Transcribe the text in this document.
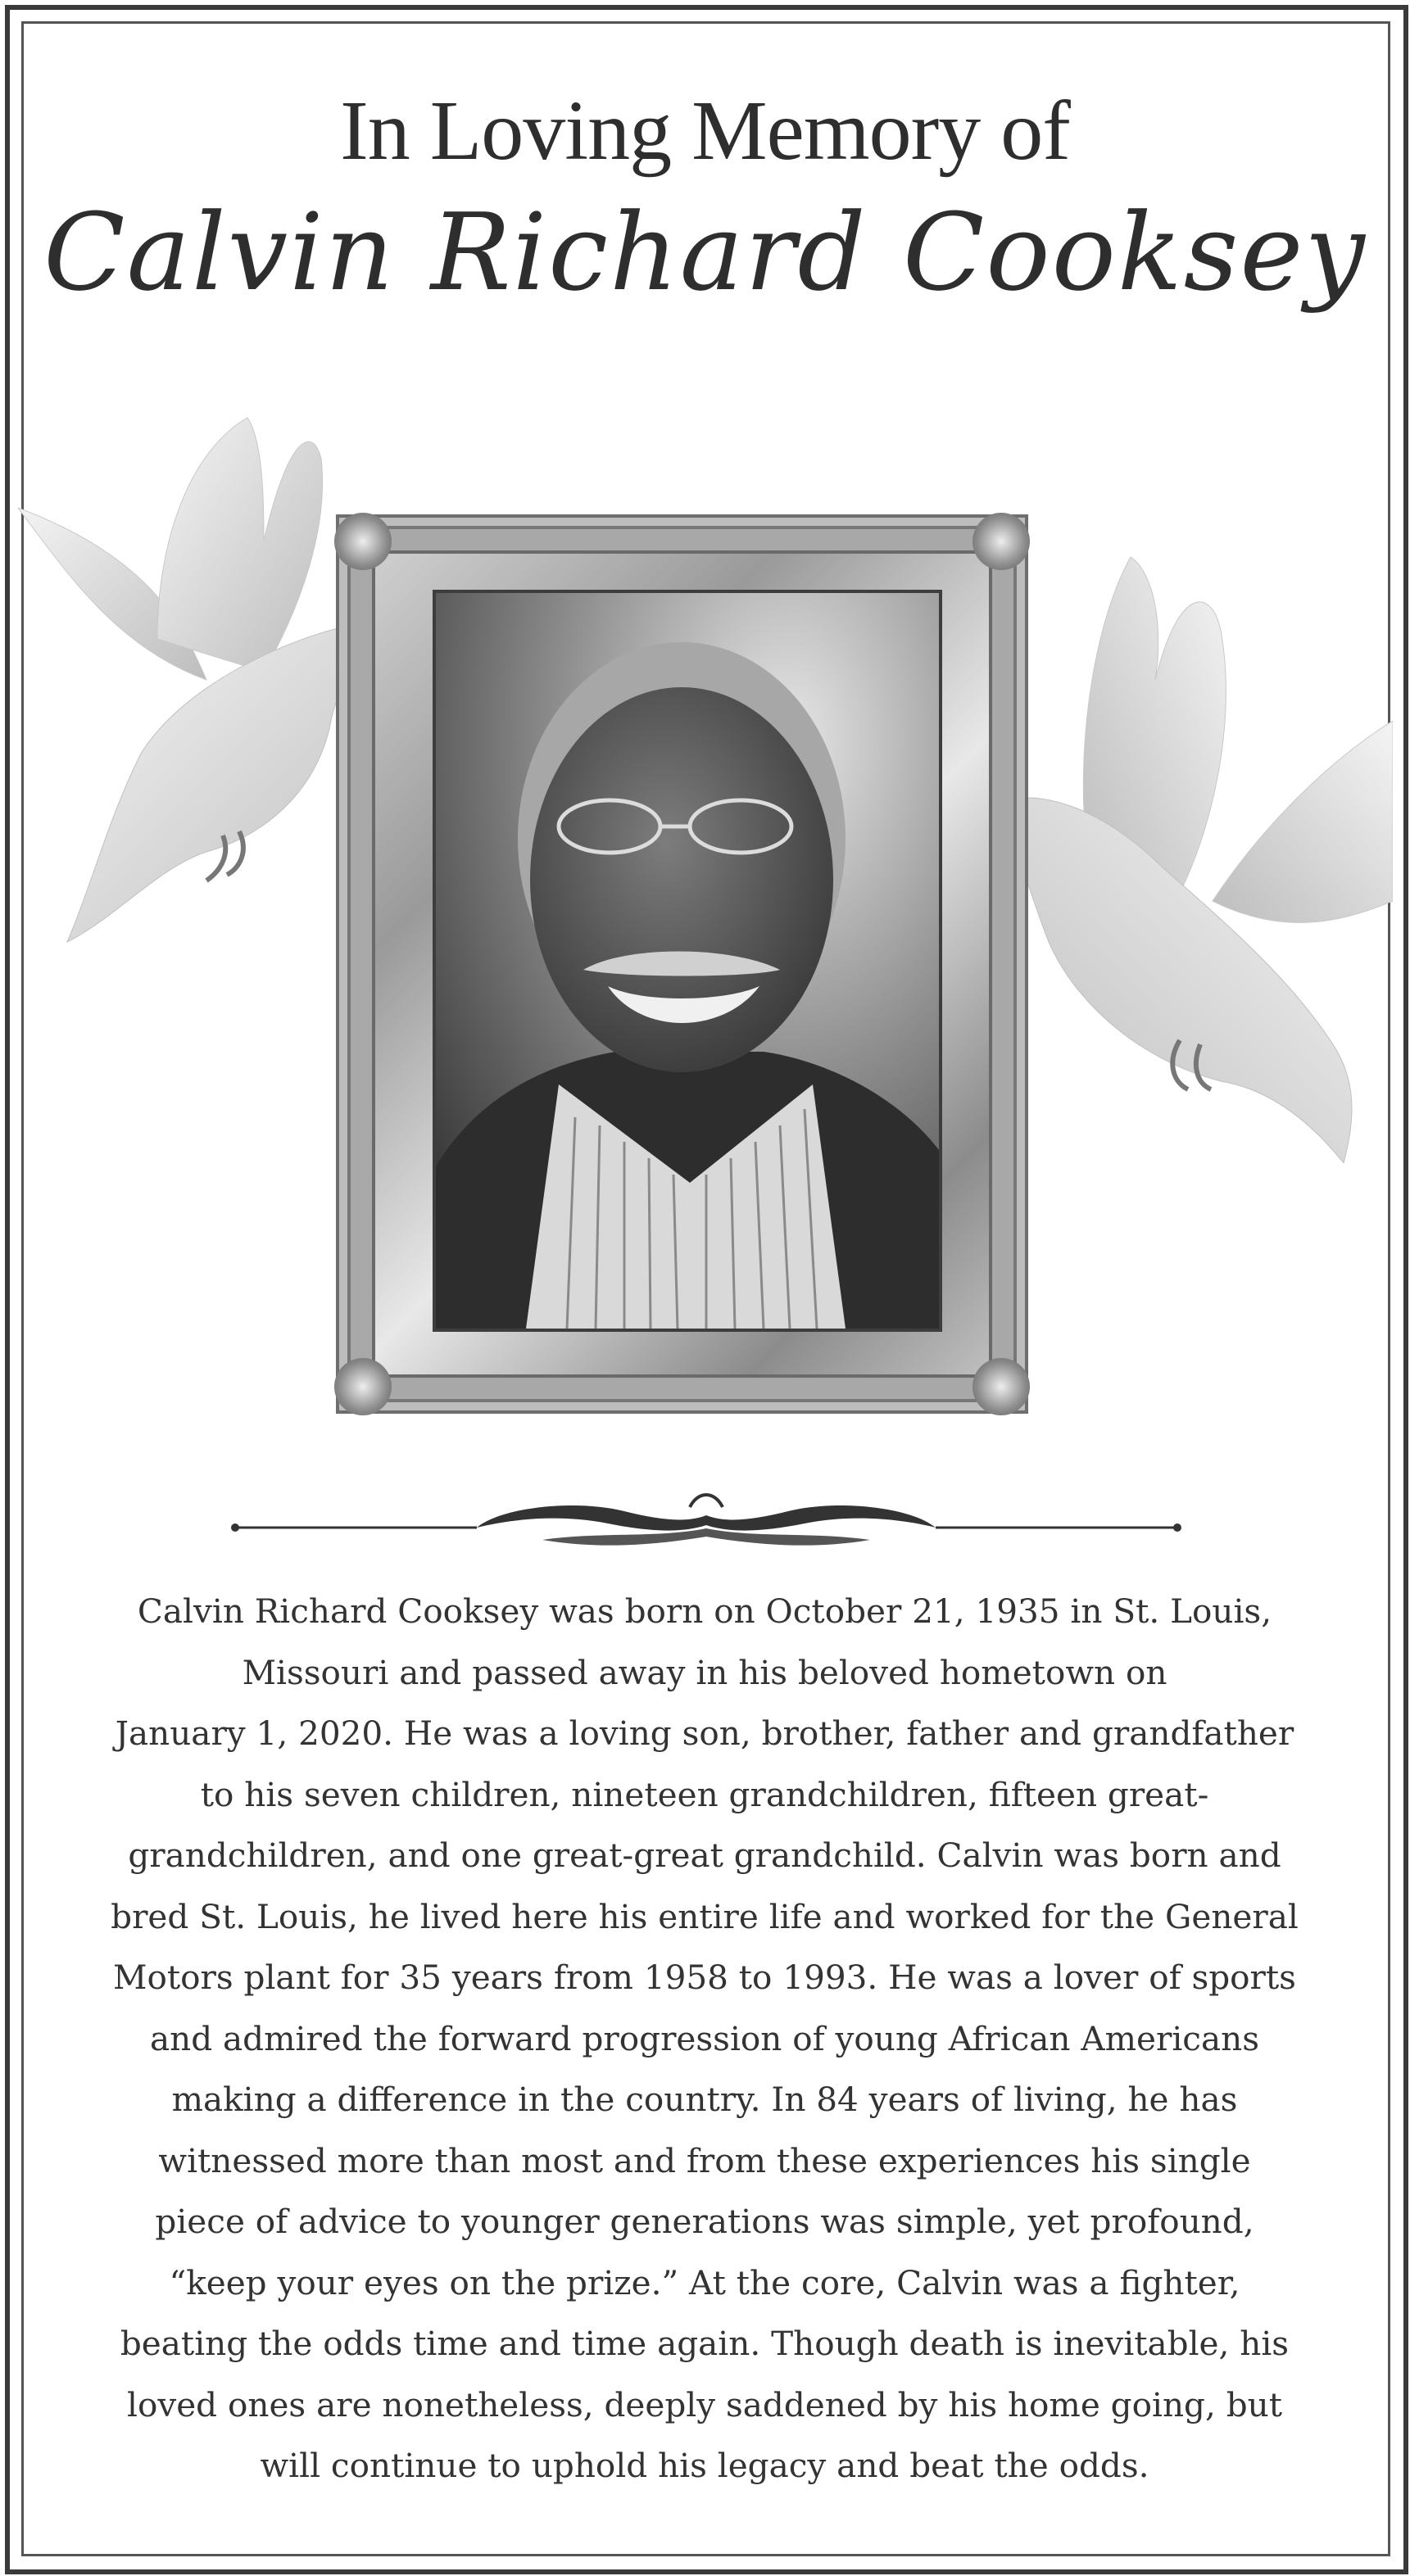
In Loving Memory of
Calvin Richard Cooksey

Calvin Richard Cooksey was born on October 21, 1935 in St. Louis,

Missouri and passed away in his beloved hometown on

January 1, 2020. He was a loving son, brother, father and grandfather

to his seven children, nineteen grandchildren, fifteen great-

grandchildren, and one great-great grandchild. Calvin was born and

bred St. Louis, he lived here his entire life and worked for the General

Motors plant for 35 years from 1958 to 1993. He was a lover of sports

and admired the forward progression of young African Americans

making a difference in the country. In 84 years of living, he has

witnessed more than most and from these experiences his single

piece of advice to younger generations was simple, yet profound,

“keep your eyes on the prize.” At the core, Calvin was a fighter,

beating the odds time and time again. Though death is inevitable, his

loved ones are nonetheless, deeply saddened by his home going, but

will continue to uphold his legacy and beat the odds.
